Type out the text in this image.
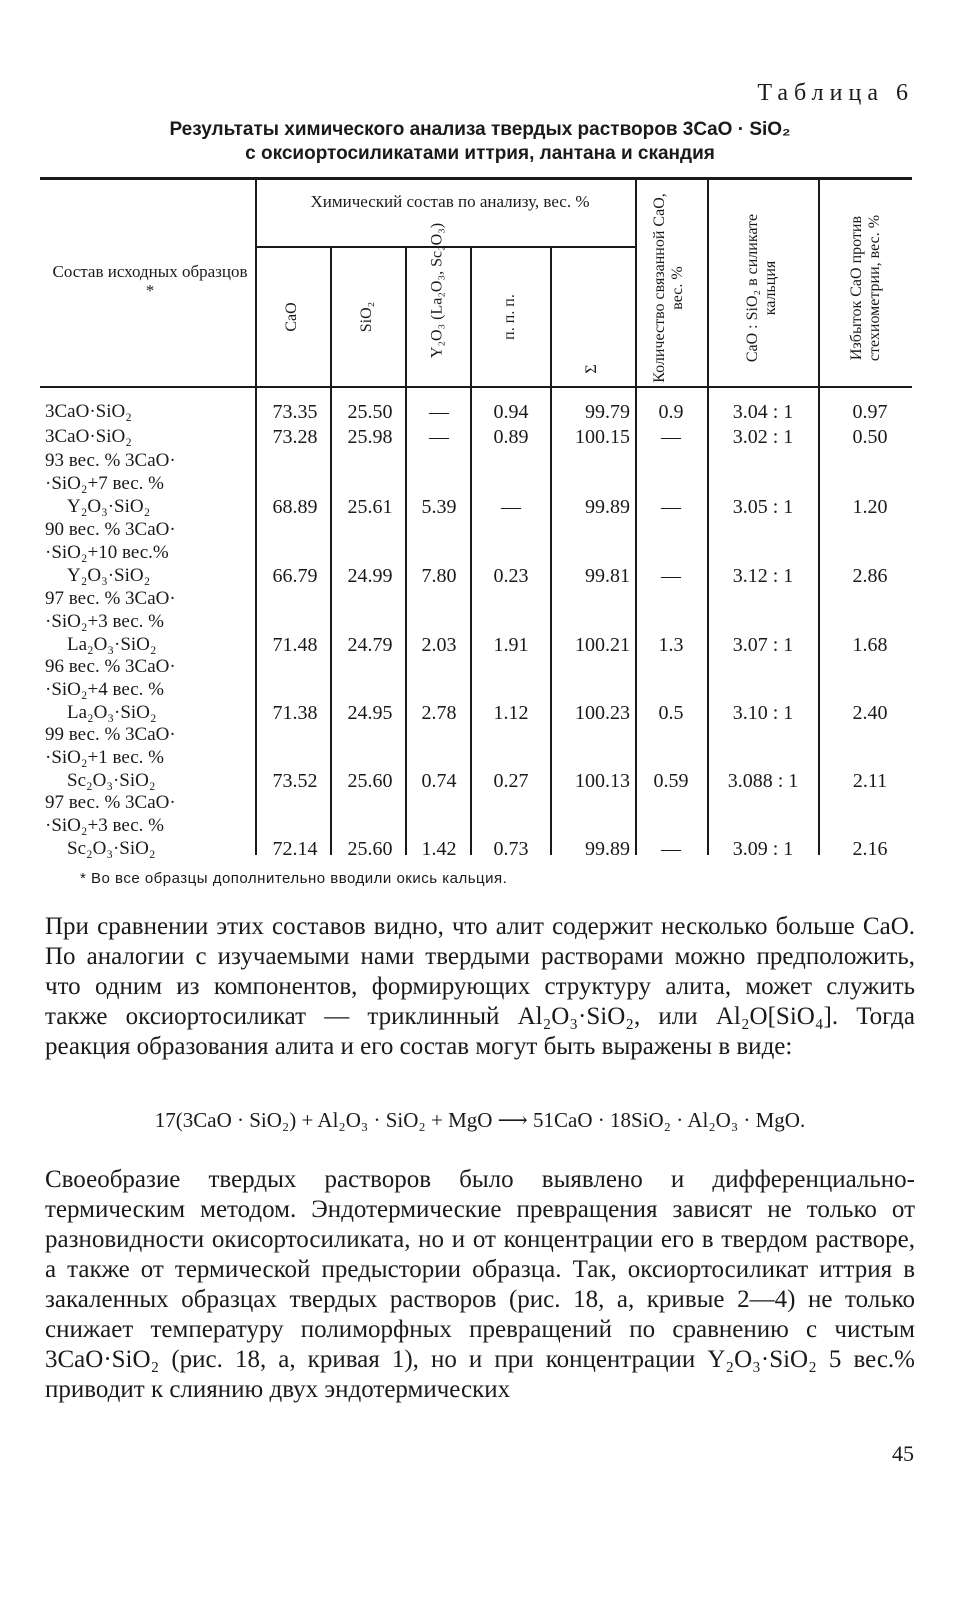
Таблица 6
Результаты химического анализа твердых растворов 3CaO · SiO₂
с оксиортосиликатами иттрия, лантана и скандия
Состав исходных образцов *
Химический состав по анализу, вес. %
CaO	SiO₂	Y₂O₃ (La₂O₃, Sc₂O₃)	п. п. п.
Σ	Количество связанной CaO, вес. %	CaO : SiO₂ в силикате кальция	Избыток CaO против стехиометрии, вес. %
3CaO·SiO₂	73.35	25.50	—	0.94	99.79	0.9	3.04 : 1	0.97
3CaO·SiO₂	73.28	25.98	—	0.89	100.15	—	3.02 : 1	0.50
93 вес. % 3CaO·
·SiO₂+7 вес. %
Y₂O₃·SiO₂	68.89	25.61	5.39	—	99.89	—	3.05 : 1	1.20
90 вес. % 3CaO·
·SiO₂+10 вес.%
Y₂O₃·SiO₂	66.79	24.99	7.80	0.23	99.81	—	3.12 : 1	2.86
97 вес. % 3CaO·
·SiO₂+3 вес. %
La₂O₃·SiO₂	71.48	24.79	2.03	1.91	100.21	1.3	3.07 : 1	1.68
96 вес. % 3CaO·
·SiO₂+4 вес. %
La₂O₃·SiO₂	71.38	24.95	2.78	1.12	100.23	0.5	3.10 : 1	2.40
99 вес. % 3CaO·
·SiO₂+1 вес. %
Sc₂O₃·SiO₂	73.52	25.60	0.74	0.27	100.13	0.59	3.088 : 1	2.11
97 вес. % 3CaO·
·SiO₂+3 вес. %
Sc₂O₃·SiO₂	72.14	25.60	1.42	0.73	99.89	—	3.09 : 1	2.16
* Во все образцы дополнительно вводили окись кальция.
При сравнении этих составов видно, что алит содержит несколько больше CaO. По аналогии с изучаемыми нами твердыми растворами можно предположить, что одним из компонентов, формирующих структуру алита, может служить также оксиортосиликат — триклинный Al₂O₃·SiO₂, или Al₂O[SiO₄]. Тогда реакция образования алита и его состав могут быть выражены в виде:
17(3CaO · SiO₂) + Al₂O₃ · SiO₂ + MgO ⟶ 51CaO · 18SiO₂ · Al₂O₃ · MgO.
Своеобразие твердых растворов было выявлено и дифференциально-термическим методом. Эндотермические превращения зависят не только от разновидности окисортосиликата, но и от концентрации его в твердом растворе, а также от термической предыстории образца. Так, оксиортосиликат иттрия в закаленных образцах твердых растворов (рис. 18, а, кривые 2—4) не только снижает температуру полиморфных превращений по сравнению с чистым 3CaO·SiO₂ (рис. 18, а, кривая 1), но и при концентрации Y₂O₃·SiO₂ 5 вес.% приводит к слиянию двух эндотермических
45
